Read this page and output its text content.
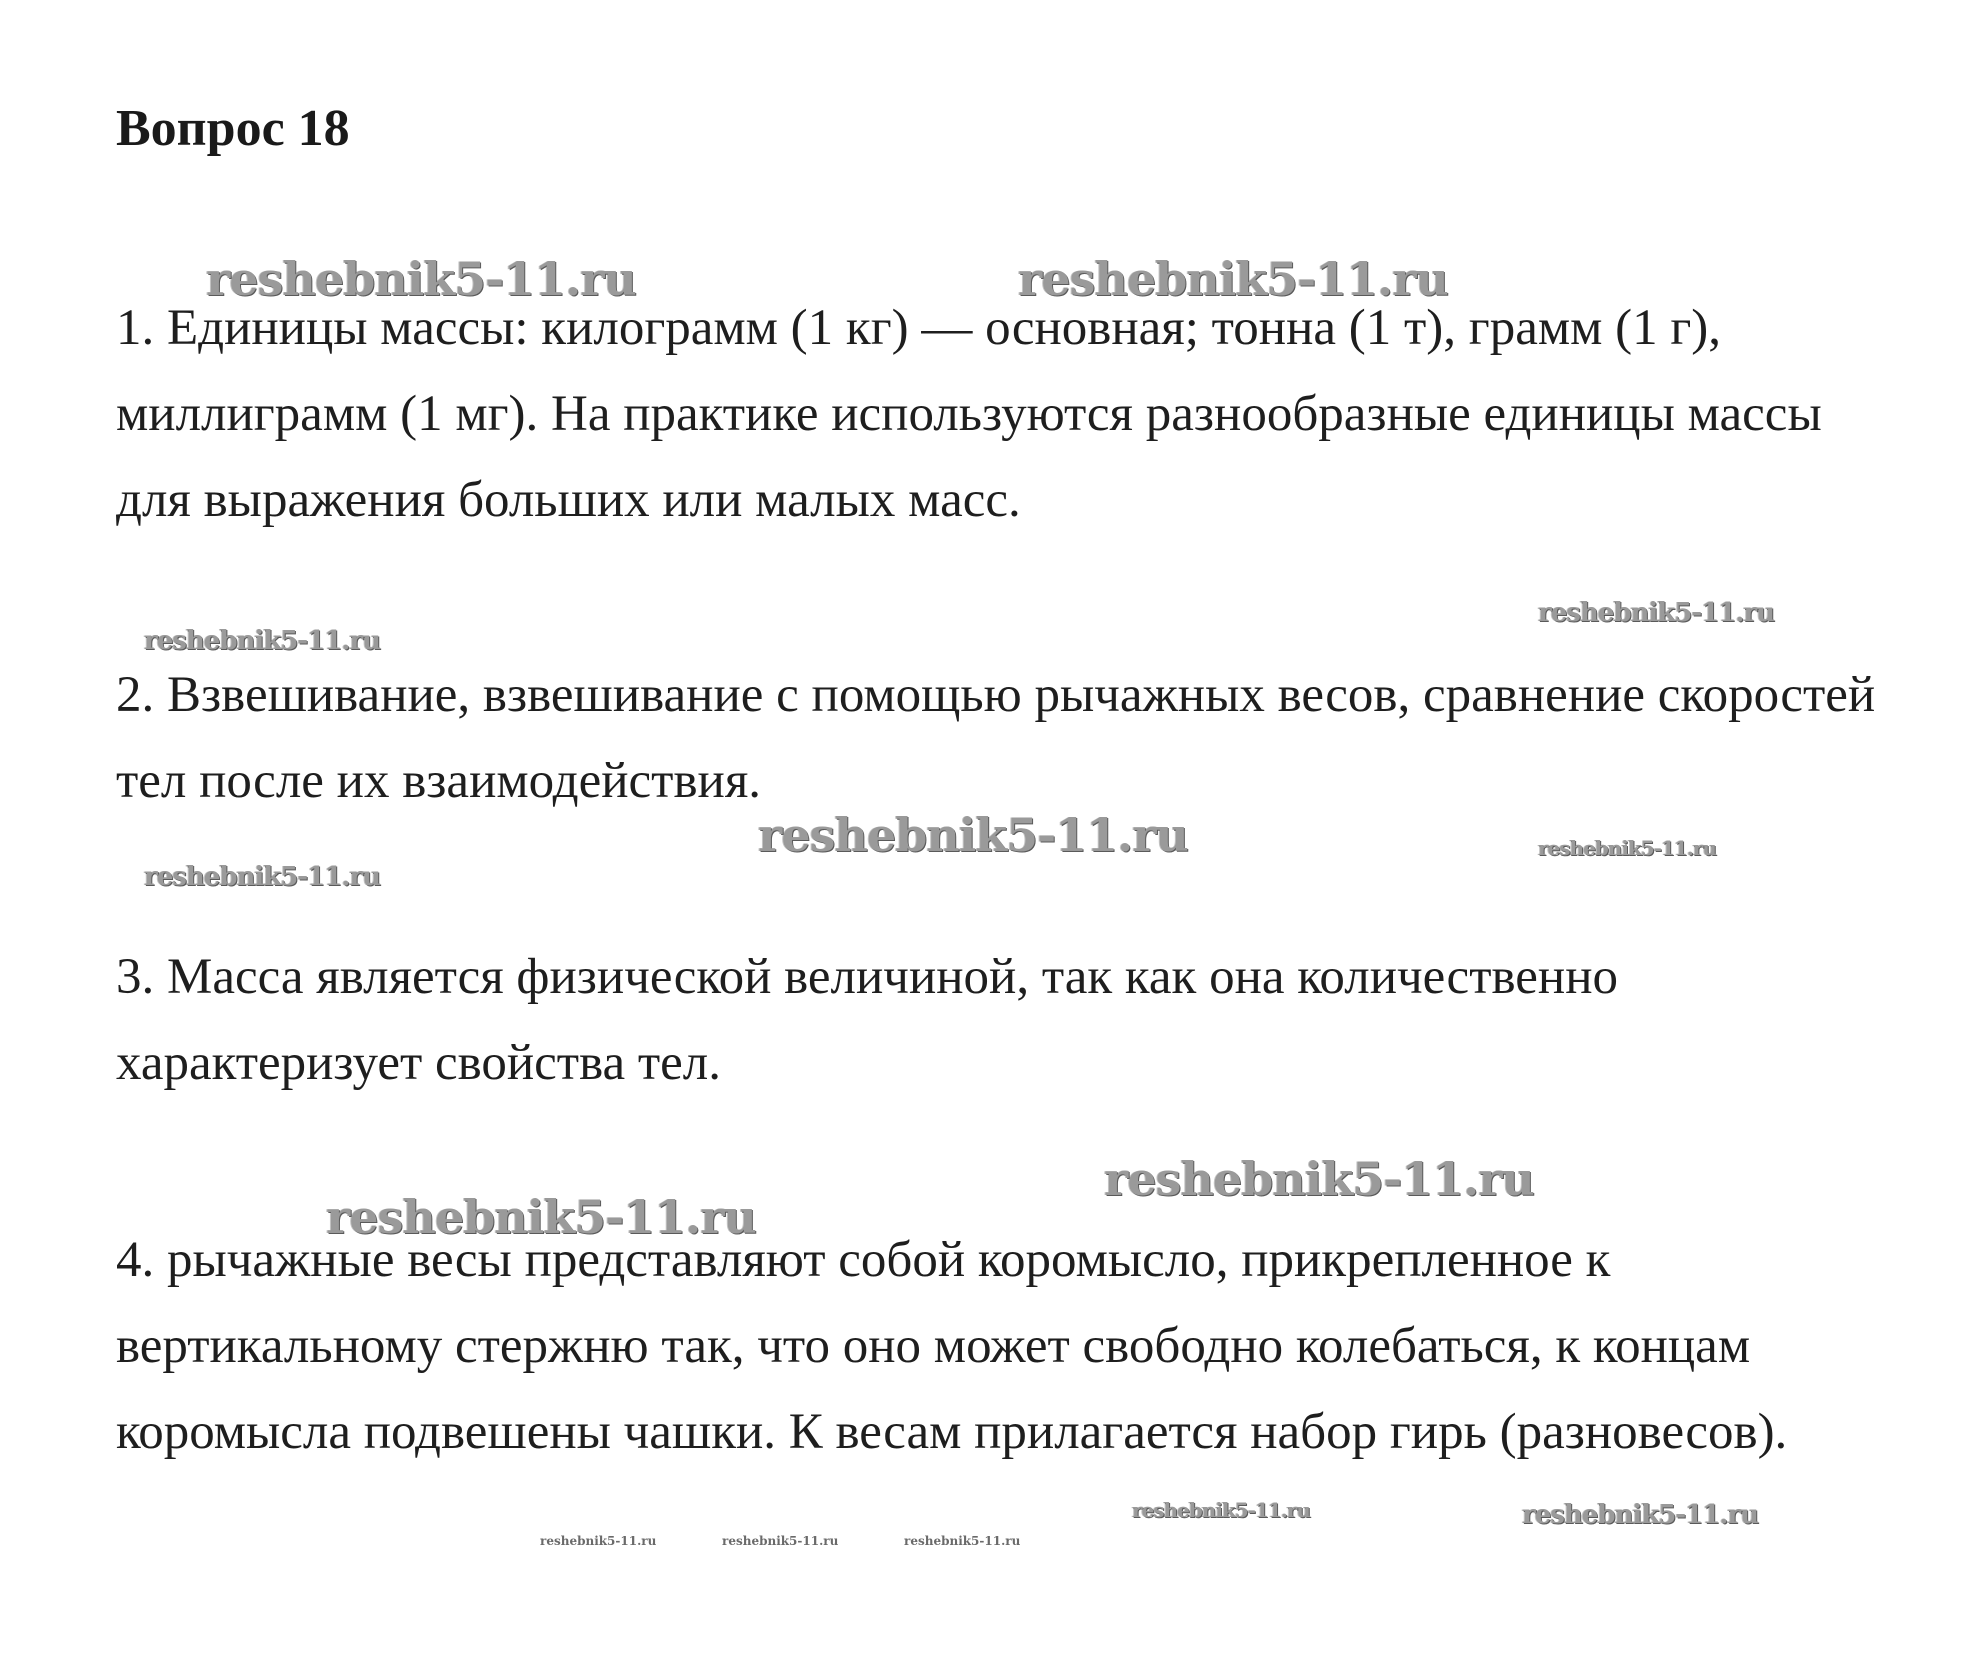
Вопрос 18

1. Единицы массы: килограмм (1 кг) — основная; тонна (1 т), грамм (1 г), миллиграмм (1 мг). На практике используются разнообразные единицы массы для выражения больших или малых масс.

2. Взвешивание, взвешивание с помощью рычажных весов, сравнение скоростей тел после их взаимодействия.

3. Масса является физической величиной, так как она количественно характеризует свойства тел.

4. рычажные весы представляют собой коромысло, прикрепленное к вертикальному стержню так, что оно может свободно колебаться, к концам коромысла подвешены чашки. К весам прилагается набор гирь (разновесов).

reshebnik5-11.ru	reshebnik5-11.ru
reshebnik5-11.ru
reshebnik5-11.ru
reshebnik5-11.ru	reshebnik5-11.ru
reshebnik5-11.ru
reshebnik5-11.ru
reshebnik5-11.ru
reshebnik5-11.ru	reshebnik5-11.ru
reshebnik5-11.ru	reshebnik5-11.ru	reshebnik5-11.ru
